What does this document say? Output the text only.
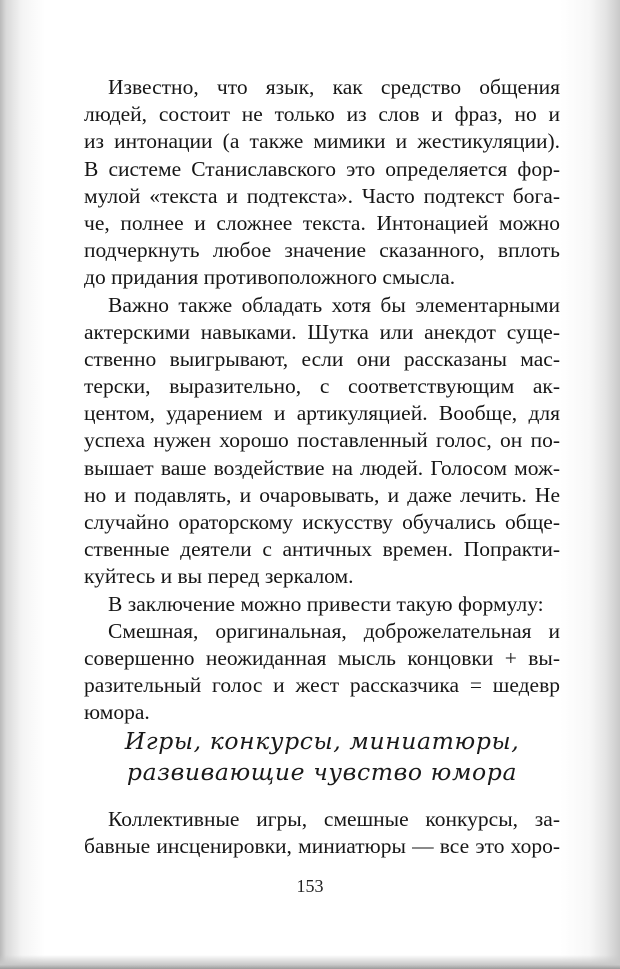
Известно, что язык, как средство общения
людей, состоит не только из слов и фраз, но и
из интонации (а также мимики и жестикуляции).
В системе Станиславского это определяется фор-
мулой «текста и подтекста». Часто подтекст бога-
че, полнее и сложнее текста. Интонацией можно
подчеркнуть любое значение сказанного, вплоть
до придания противоположного смысла.
Важно также обладать хотя бы элементарными
актерскими навыками. Шутка или анекдот суще-
ственно выигрывают, если они рассказаны мас-
терски, выразительно, с соответствующим ак-
центом, ударением и артикуляцией. Вообще, для
успеха нужен хорошо поставленный голос, он по-
вышает ваше воздействие на людей. Голосом мож-
но и подавлять, и очаровывать, и даже лечить. Не
случайно ораторскому искусству обучались обще-
ственные деятели с античных времен. Попракти-
куйтесь и вы перед зеркалом.
В заключение можно привести такую формулу:
Смешная, оригинальная, доброжелательная и
совершенно неожиданная мысль концовки + вы-
разительный голос и жест рассказчика = шедевр
юмора.
Игры, конкурсы, миниатюры,
развивающие чувство юмора
Коллективные игры, смешные конкурсы, за-
бавные инсценировки, миниатюры — все это хоро-
153
